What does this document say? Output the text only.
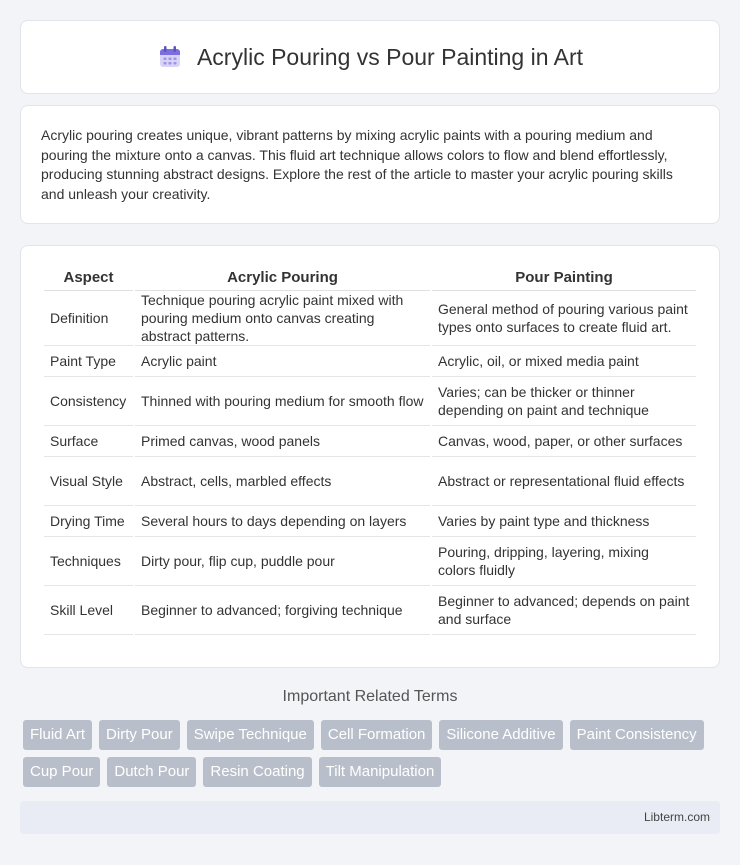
Acrylic Pouring vs Pour Painting in Art

Acrylic pouring creates unique, vibrant patterns by mixing acrylic paints with a pouring medium and pouring the mixture onto a canvas. This fluid art technique allows colors to flow and blend effortlessly, producing stunning abstract designs. Explore the rest of the article to master your acrylic pouring skills and unleash your creativity.

Aspect	Acrylic Pouring	Pour Painting
Definition	Technique pouring acrylic paint mixed with pouring medium onto canvas creating abstract patterns.	General method of pouring various paint types onto surfaces to create fluid art.
Paint Type	Acrylic paint	Acrylic, oil, or mixed media paint
Consistency	Thinned with pouring medium for smooth flow	Varies; can be thicker or thinner depending on paint and technique
Surface	Primed canvas, wood panels	Canvas, wood, paper, or other surfaces
Visual Style	Abstract, cells, marbled effects	Abstract or representational fluid effects
Drying Time	Several hours to days depending on layers	Varies by paint type and thickness
Techniques	Dirty pour, flip cup, puddle pour	Pouring, dripping, layering, mixing colors fluidly
Skill Level	Beginner to advanced; forgiving technique	Beginner to advanced; depends on paint and surface
Important Related Terms
Fluid Art	Dirty Pour	Swipe Technique	Cell Formation	Silicone Additive	Paint Consistency
Cup Pour	Dutch Pour	Resin Coating	Tilt Manipulation
Libterm.com
